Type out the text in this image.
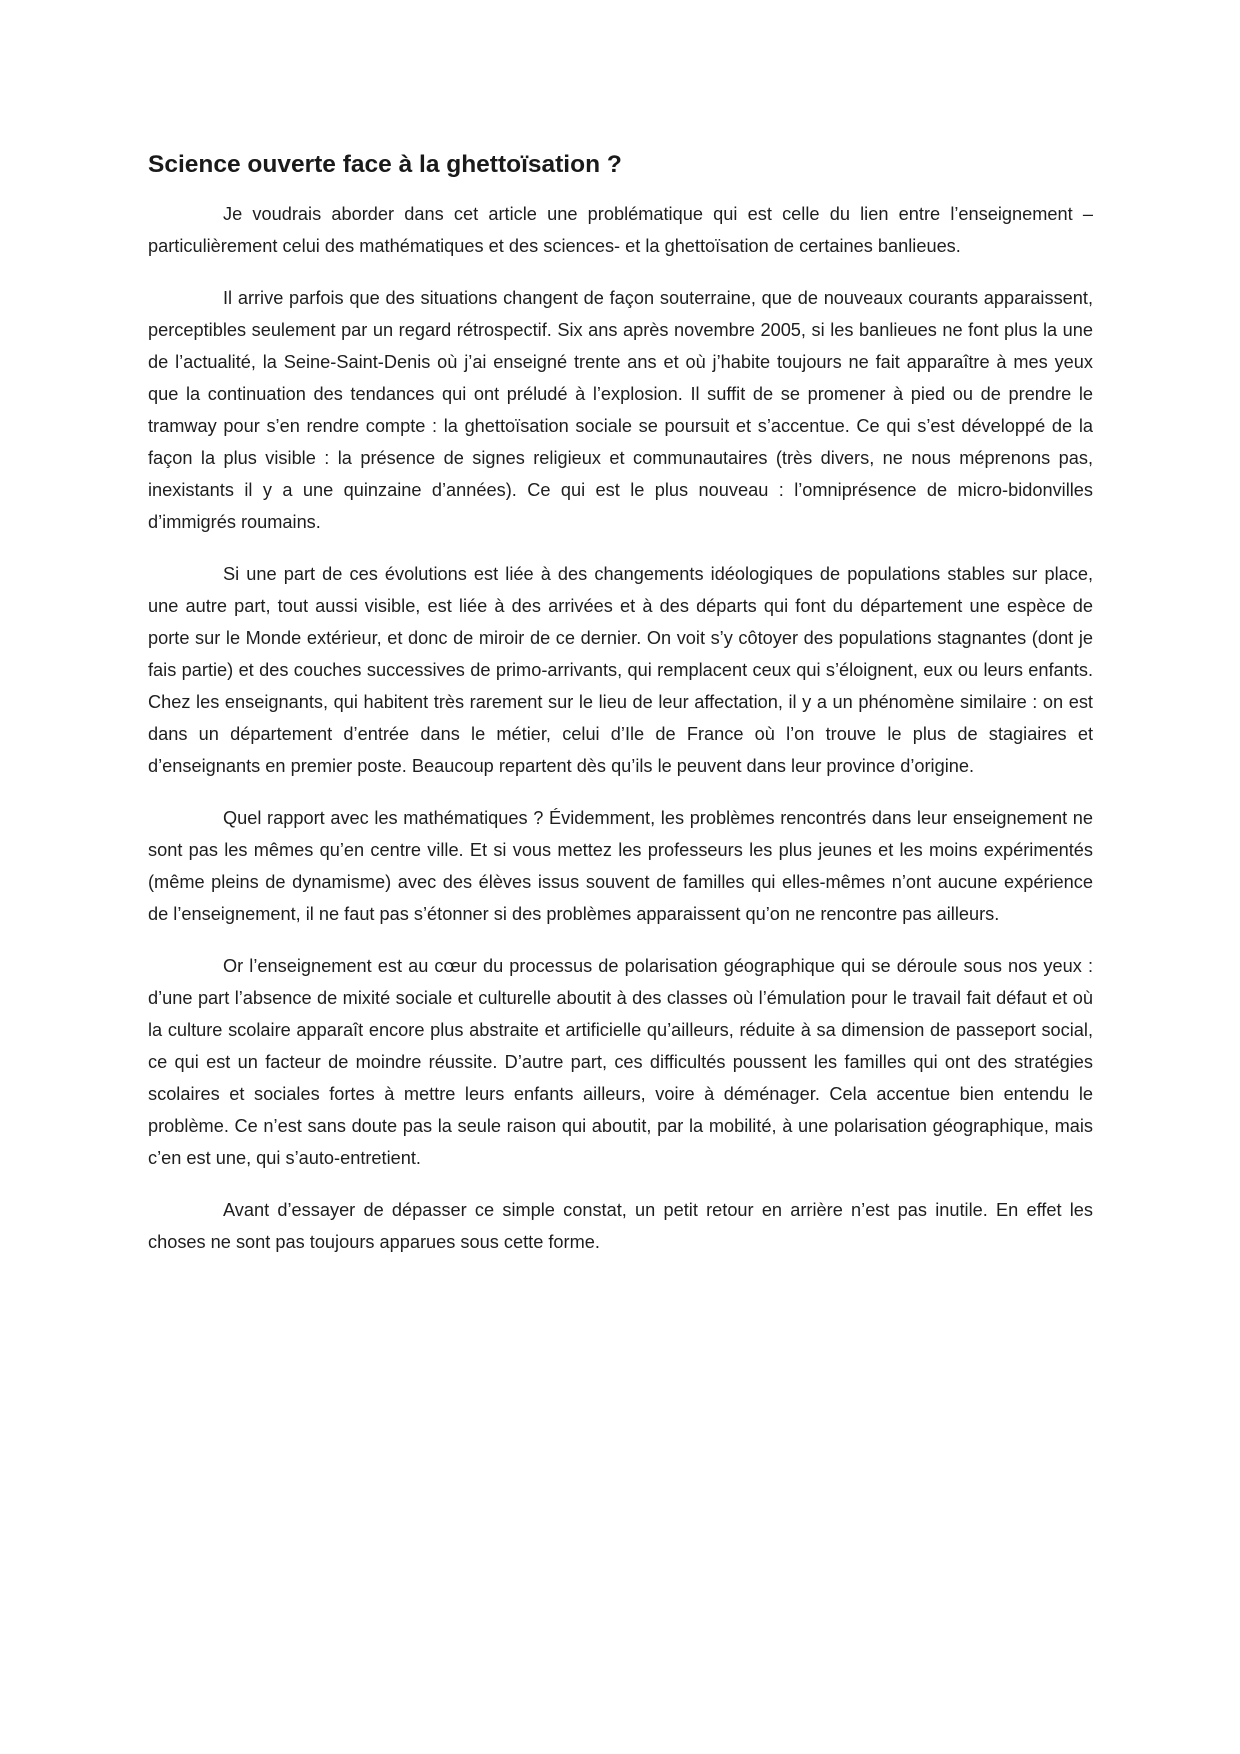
Science ouverte face à la ghettoïsation ?

Je voudrais aborder dans cet article une problématique qui est celle du lien entre l’enseignement –particulièrement celui des mathématiques et des sciences- et la ghettoïsation de certaines banlieues.

Il arrive parfois que des situations changent de façon souterraine, que de nouveaux courants apparaissent, perceptibles seulement par un regard rétrospectif. Six ans après novembre 2005, si les banlieues ne font plus la une de l’actualité, la Seine-Saint-Denis où j’ai enseigné trente ans et où j’habite toujours ne fait apparaître à mes yeux que la continuation des tendances qui ont préludé à l’explosion. Il suffit de se promener à pied ou de prendre le tramway pour s’en rendre compte : la ghettoïsation sociale se poursuit et s’accentue. Ce qui s’est développé de la façon la plus visible : la présence de signes religieux et communautaires (très divers, ne nous méprenons pas, inexistants il y a une quinzaine d’années). Ce qui est le plus nouveau : l’omniprésence de micro-bidonvilles d’immigrés roumains.

Si une part de ces évolutions est liée à des changements idéologiques de populations stables sur place, une autre part, tout aussi visible, est liée à des arrivées et à des départs qui font du département une espèce de porte sur le Monde extérieur, et donc de miroir de ce dernier. On voit s’y côtoyer des populations stagnantes (dont je fais partie) et des couches successives de primo-arrivants, qui remplacent ceux qui s’éloignent, eux ou leurs enfants. Chez les enseignants, qui habitent très rarement sur le lieu de leur affectation, il y a un phénomène similaire : on est dans un département d’entrée dans le métier, celui d’Ile de France où l’on trouve le plus de stagiaires et d’enseignants en premier poste. Beaucoup repartent dès qu’ils le peuvent dans leur province d’origine.

Quel rapport avec les mathématiques ? Évidemment, les problèmes rencontrés dans leur enseignement ne sont pas les mêmes qu’en centre ville. Et si vous mettez les professeurs les plus jeunes et les moins expérimentés (même pleins de dynamisme) avec des élèves issus souvent de familles qui elles-mêmes n’ont aucune expérience de l’enseignement, il ne faut pas s’étonner si des problèmes apparaissent qu’on ne rencontre pas ailleurs.

Or l’enseignement est au cœur du processus de polarisation géographique qui se déroule sous nos yeux : d’une part l’absence de mixité sociale et culturelle aboutit à des classes où l’émulation pour le travail fait défaut et où la culture scolaire apparaît encore plus abstraite et artificielle qu’ailleurs, réduite à sa dimension de passeport social, ce qui est un facteur de moindre réussite. D’autre part, ces difficultés poussent les familles qui ont des stratégies scolaires et sociales fortes à mettre leurs enfants ailleurs, voire à déménager. Cela accentue bien entendu le problème. Ce n’est sans doute pas la seule raison qui aboutit, par la mobilité, à une polarisation géographique, mais c’en est une, qui s’auto-entretient.

Avant d’essayer de dépasser ce simple constat, un petit retour en arrière n’est pas inutile. En effet les choses ne sont pas toujours apparues sous cette forme.
